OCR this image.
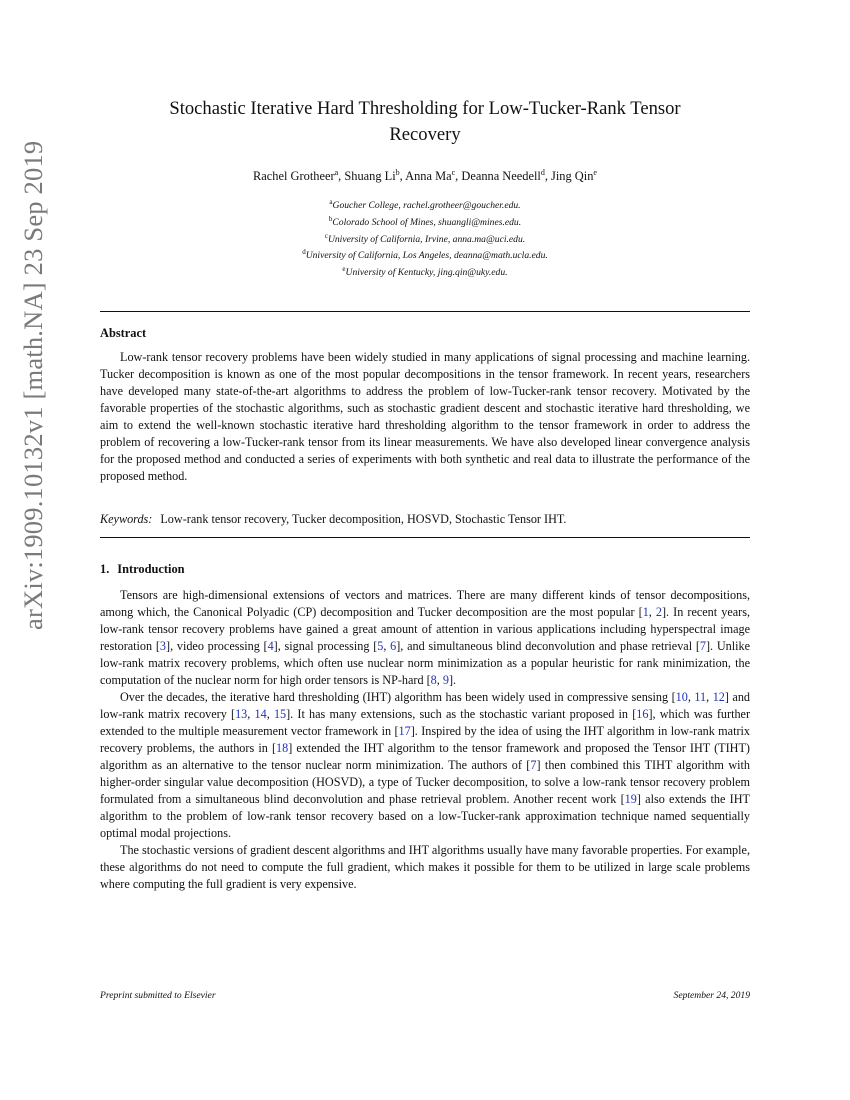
arXiv:1909.10132v1 [math.NA] 23 Sep 2019
Stochastic Iterative Hard Thresholding for Low-Tucker-Rank Tensor
Recovery
Rachel Grotheer$^a$, Shuang Li$^b$, Anna Ma$^c$, Deanna Needell$^d$, Jing Qin$^e$
$^a$Goucher College, rachel.grotheer@goucher.edu.
$^b$Colorado School of Mines, shuangli@mines.edu.
$^c$University of California, Irvine, anna.ma@uci.edu.
$^d$University of California, Los Angeles, deanna@math.ucla.edu.
$^e$University of Kentucky, jing.qin@uky.edu.
Abstract

Low-rank tensor recovery problems have been widely studied in many applications of signal processing and machine learning. Tucker decomposition is known as one of the most popular decompositions in the tensor framework. In recent years, researchers have developed many state-of-the-art algorithms to address the problem of low-Tucker-rank tensor recovery. Motivated by the favorable properties of the stochastic algorithms, such as stochastic gradient descent and stochastic iterative hard thresholding, we aim to extend the well-known stochastic iterative hard thresholding algorithm to the tensor framework in order to address the problem of recovering a low-Tucker-rank tensor from its linear measurements. We have also developed linear convergence analysis for the proposed method and conducted a series of experiments with both synthetic and real data to illustrate the performance of the proposed method.

Keywords: Low-rank tensor recovery, Tucker decomposition, HOSVD, Stochastic Tensor IHT.
1. Introduction

Tensors are high-dimensional extensions of vectors and matrices. There are many different kinds of tensor decompositions, among which, the Canonical Polyadic (CP) decomposition and Tucker decomposition are the most popular [1, 2]. In recent years, low-rank tensor recovery problems have gained a great amount of attention in various applications including hyperspectral image restoration [3], video processing [4], signal processing [5, 6], and simultaneous blind deconvolution and phase retrieval [7]. Unlike low-rank matrix recovery problems, which often use nuclear norm minimization as a popular heuristic for rank minimization, the computation of the nuclear norm for high order tensors is NP-hard [8, 9].

Over the decades, the iterative hard thresholding (IHT) algorithm has been widely used in compressive sensing [10, 11, 12] and low-rank matrix recovery [13, 14, 15]. It has many extensions, such as the stochastic variant proposed in [16], which was further extended to the multiple measurement vector framework in [17]. Inspired by the idea of using the IHT algorithm in low-rank matrix recovery problems, the authors in [18] extended the IHT algorithm to the tensor framework and proposed the Tensor IHT (TIHT) algorithm as an alternative to the tensor nuclear norm minimization. The authors of [7] then combined this TIHT algorithm with higher-order singular value decomposition (HOSVD), a type of Tucker decomposition, to solve a low-rank tensor recovery problem formulated from a simultaneous blind deconvolution and phase retrieval problem. Another recent work [19] also extends the IHT algorithm to the problem of low-rank tensor recovery based on a low-Tucker-rank approximation technique named sequentially optimal modal projections.

The stochastic versions of gradient descent algorithms and IHT algorithms usually have many favorable properties. For example, these algorithms do not need to compute the full gradient, which makes it possible for them to be utilized in large scale problems where computing the full gradient is very expensive.

Preprint submitted to Elsevier	September 24, 2019
